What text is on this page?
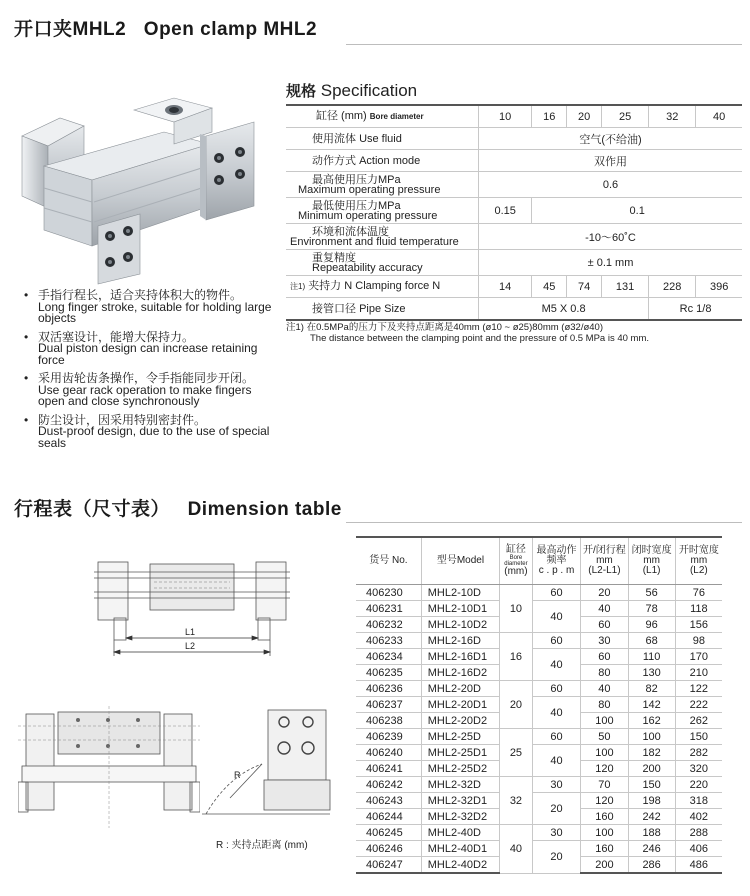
开口夹MHL2 Open clamp MHL2
• 手指行程长，适合夹持体积大的物件。
Long finger stroke, suitable for holding large objects
• 双活塞设计，能增大保持力。
Dual piston design can increase retaining force
• 采用齿轮齿条操作，令手指能同步开闭。
Use gear rack operation to make fingers open and close synchronously
• 防尘设计，因采用特别密封件。
Dust-proof design, due to the use of special seals
规格 Specification
缸径 (mm) Bore diameter	10	16	20	25	32	40
使用流体 Use fluid	空气(不给油)					
动作方式 Action mode	双作用					
最高使用压力MPa
Maximum operating pressure	0.6					
最低使用压力MPa
Minimum operating pressure	0.15	0.1				
环境和流体温度
Environment and fluid temperature	-10～60˚C					
重复精度
Repeatability accuracy	± 0.1 mm					
注1) 夹持力 N Clamping force N	14	45	74	131	228	396
接管口径 Pipe Size	M5 X 0.8				Rc 1/8	
注1) 在0.5MPa的压力下及夹持点距离是40mm (ø10 ~ ø25)80mm (ø32/ø40)
The distance between the clamping point and the pressure of 0.5 MPa is 40 mm.
行程表（尺寸表） Dimension table
L1
L2
R
R : 夹持点距离 (mm)
货号 No.	型号Model	缸径
Bore diameter
(mm)	最高动作频率
c . p . m	开/闭行程
mm
(L2-L1)	闭时宽度
mm
(L1)	开时宽度
mm
(L2)
406230	MHL2-10D	10	60	20	56	76
406231	MHL2-10D1		40	40	78	118
406232	MHL2-10D2			60	96	156
406233	MHL2-16D	16	60	30	68	98
406234	MHL2-16D1		40	60	110	170
406235	MHL2-16D2			80	130	210
406236	MHL2-20D	20	60	40	82	122
406237	MHL2-20D1		40	80	142	222
406238	MHL2-20D2			100	162	262
406239	MHL2-25D	25	60	50	100	150
406240	MHL2-25D1		40	100	182	282
406241	MHL2-25D2			120	200	320
406242	MHL2-32D	32	30	70	150	220
406243	MHL2-32D1		20	120	198	318
406244	MHL2-32D2			160	242	402
406245	MHL2-40D	40	30	100	188	288
406246	MHL2-40D1		20	160	246	406
406247	MHL2-40D2			200	286	486
